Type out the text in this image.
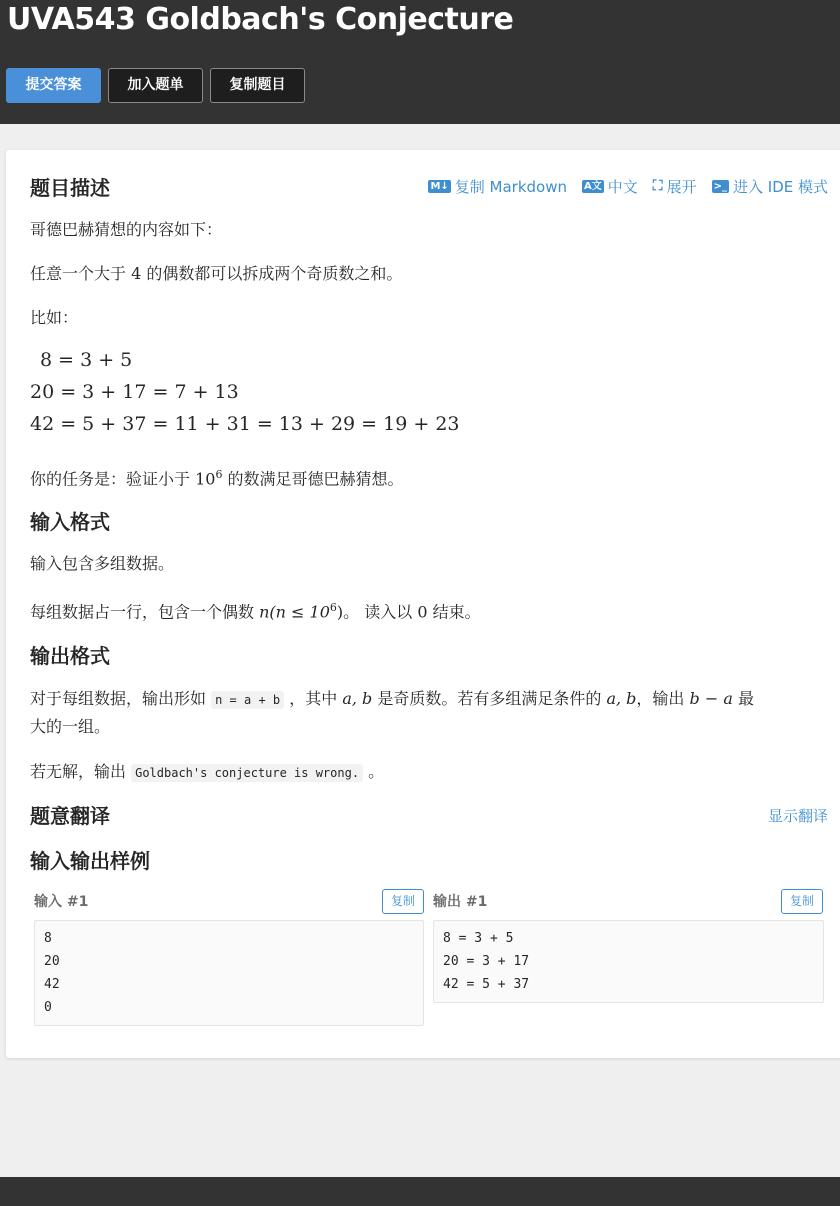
UVA543 Goldbach's Conjecture
提交答案	加入题单	复制题目
题目描述	M↓ 复制 Markdown A文 中文 ⛶ 展开 >_ 进入 IDE 模式
哥德巴赫猜想的内容如下：
任意一个大于 4 的偶数都可以拆成两个奇质数之和。
比如：
8 = 3 + 5
20 = 3 + 17 = 7 + 13
42 = 5 + 37 = 11 + 31 = 13 + 29 = 19 + 23
你的任务是：验证小于 $10^6$ 的数满足哥德巴赫猜想。
输入格式
输入包含多组数据。
每组数据占一行，包含一个偶数 $n(n \le 10^6)$。 读入以 0 结束。
输出格式
对于每组数据，输出形如 n = a + b ，其中 a, b 是奇质数。若有多组满足条件的 a, b，输出 b − a 最
大的一组。
若无解，输出 Goldbach's conjecture is wrong. 。
题意翻译	显示翻译
输入输出样例
输入 #1	复制
8
20
42
0
输出 #1	复制
8 = 3 + 5
20 = 3 + 17
42 = 5 + 37
